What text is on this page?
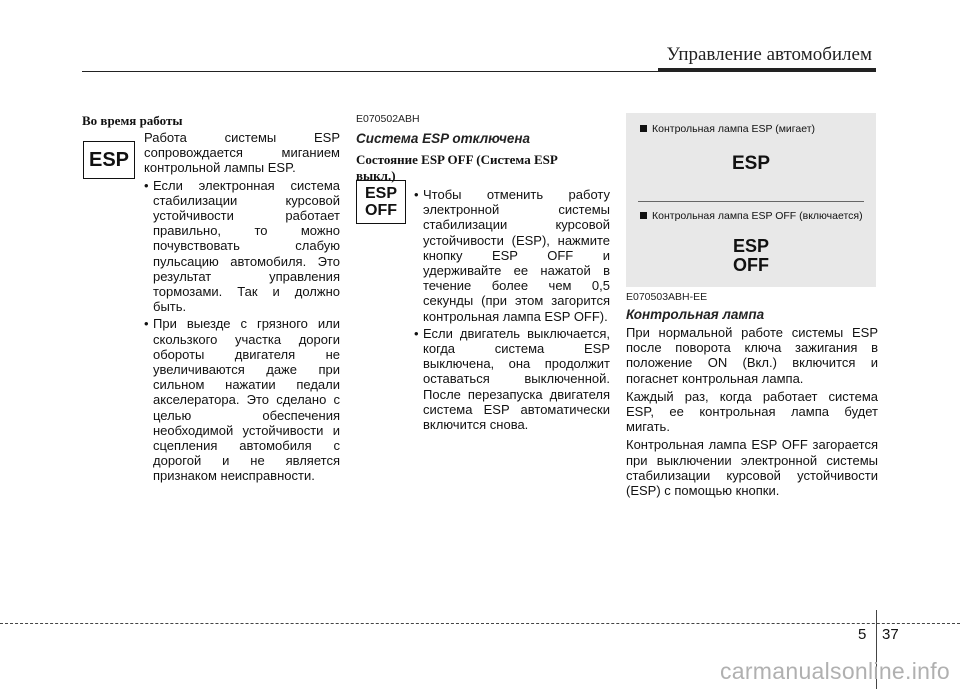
Управление автомобилем
Во время работы
ESP

Работа системы ESP сопровождается миганием контрольной лампы ESP.

• Если электронная система стабилизации курсовой устойчивости работает правильно, то можно почувствовать слабую пульсацию автомобиля. Это результат управления тормозами. Так и должно быть.
• При выезде с грязного или скользкого участка дороги обороты двигателя не увеличиваются даже при сильном нажатии педали акселератора. Это сделано с целью обеспечения необходимой устойчивости и сцепления автомобиля с дорогой и не является признаком неисправности.

E070502ABH

Система ESP отключена
Состояние ESP OFF (Система ESP выкл.)
ESP
OFF
• Чтобы отменить работу электронной системы стабилизации курсовой устойчивости (ESP), нажмите кнопку ESP OFF и удерживайте ее нажатой в течение более чем 0,5 секунды (при этом загорится контрольная лампа ESP OFF).
• Если двигатель выключается, когда система ESP выключена, она продолжит оставаться выключенной. После перезапуска двигателя система ESP автоматически включится снова.
Контрольная лампа ESP (мигает)
ESP
Контрольная лампа ESP OFF (включается)
ESP
OFF

E070503ABH-EE

Контрольная лампа

При нормальной работе системы ESP после поворота ключа зажигания в положение ON (Вкл.) включится и погаснет контрольная лампа.

Каждый раз, когда работает система ESP, ее контрольная лампа будет мигать.

Контрольная лампа ESP OFF загорается при выключении электронной системы стабилизации курсовой устойчивости (ESP) с помощью кнопки.

5 37
carmanualsonline.info
